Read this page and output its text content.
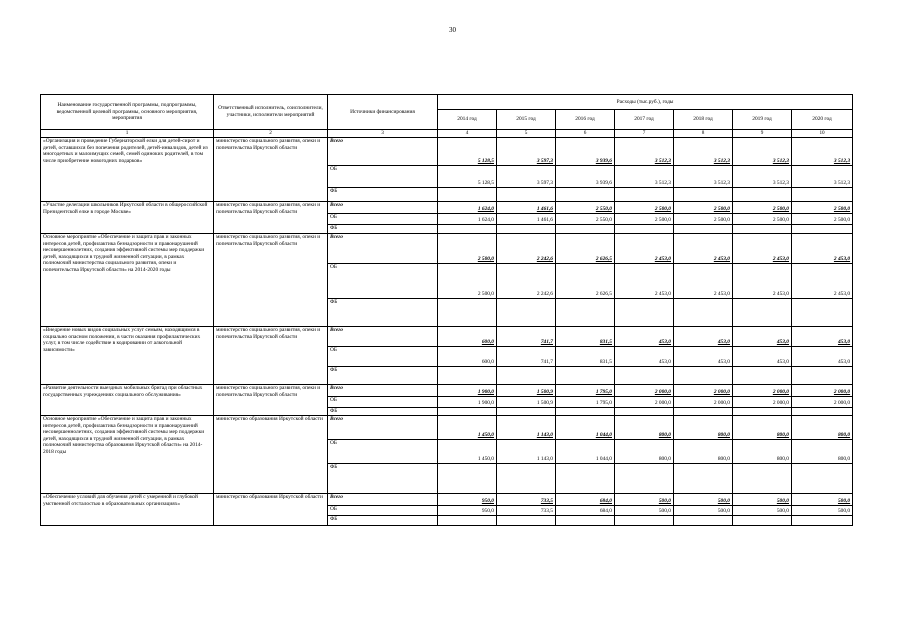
30
Наименование государственной программы, подпрограммы, ведомственной целевой программы, основного мероприятия, мероприятия	Ответственный исполнитель, соисполнители, участники, исполнители мероприятий	Источники финансирования	Расходы (тыс.руб.), годы						
			2014 год	2015 год	2016 год	2017 год	2018 год	2019 год	2020 год
1	2	3	4	5	6	7	8	9	10
«Организация и проведение Губернаторской елки для детей-сирот и детей, оставшихся без попечения родителей, детей-инвалидов, детей из многодетных и малоимущих семей, семей одиноких родителей, в том числе приобретение новогодних подарков»	министерство социального развития, опеки и попечительства Иркутской области	Всего	5 128,5	3 597,3	3 939,6	3 512,3	3 512,3	3 512,3	3 512,3
		ОБ	5 128,5	3 597,3	3 939,6	3 512,3	3 512,3	3 512,3	3 512,3
		ФБ							
«Участие делегации школьников Иркутской области в общероссийской Президентской елке в городе Москве»	министерство социального развития, опеки и попечительства Иркутской области	Всего	1 624,0	1 461,6	2 550,0	2 500,0	2 500,0	2 500,0	2 500,0
		ОБ	1 624,0	1 461,6	2 550,0	2 500,0	2 500,0	2 500,0	2 500,0
		ФБ							
Основное мероприятие «Обеспечение и защита прав и законных интересов детей, профилактика безнадзорности и правонарушений несовершеннолетних, создания эффективной системы мер поддержки детей, находящихся в трудной жизненной ситуации, в рамках полномочий министерства социального развития, опеки и попечительства Иркутской области» на 2014-2020 годы	министерство социального развития, опеки и попечительства Иркутской области	Всего	2 500,0	2 242,6	2 626,5	2 453,0	2 453,0	2 453,0	2 453,0
		ОБ	2 500,0	2 242,6	2 626,5	2 453,0	2 453,0	2 453,0	2 453,0
		ФБ							
«Внедрение новых видов социальных услуг семьям, находящимся в социально опасном положении, в части оказания профилактических услуг, в том числе содействие в кодировании от алкогольной зависимости»	министерство социального развития, опеки и попечительства Иркутской области	Всего	600,0	741,7	831,5	453,0	453,0	453,0	453,0
		ОБ	600,0	741,7	831,5	453,0	453,0	453,0	453,0
		ФБ							
«Развитие деятельности выездных мобильных бригад при областных государственных учреждениях социального обслуживания»	министерство социального развития, опеки и попечительства Иркутской области	Всего	1 900,0	1 500,9	1 795,0	2 000,0	2 000,0	2 000,0	2 000,0
		ОБ	1 900,0	1 500,9	1 795,0	2 000,0	2 000,0	2 000,0	2 000,0
		ФБ							
Основное мероприятие «Обеспечение и защита прав и законных интересов детей, профилактика безнадзорности и правонарушений несовершеннолетних, создания эффективной системы мер поддержки детей, находящихся в трудной жизненной ситуации, в рамках полномочий министерства образования Иркутской области» на 2014-2018 годы	министерство образования Иркутской области	Всего	1 450,0	1 143,0	1 044,0	800,0	800,0	800,0	800,0
		ОБ	1 450,0	1 143,0	1 044,0	800,0	800,0	800,0	800,0
		ФБ							
«Обеспечение условий для обучения детей с умеренной и глубокой умственной отсталостью в образовательных организациях»	министерство образования Иркутской области	Всего	950,0	733,5	684,0	500,0	500,0	500,0	500,0
		ОБ	950,0	733,5	684,0	500,0	500,0	500,0	500,0
		ФБ							
